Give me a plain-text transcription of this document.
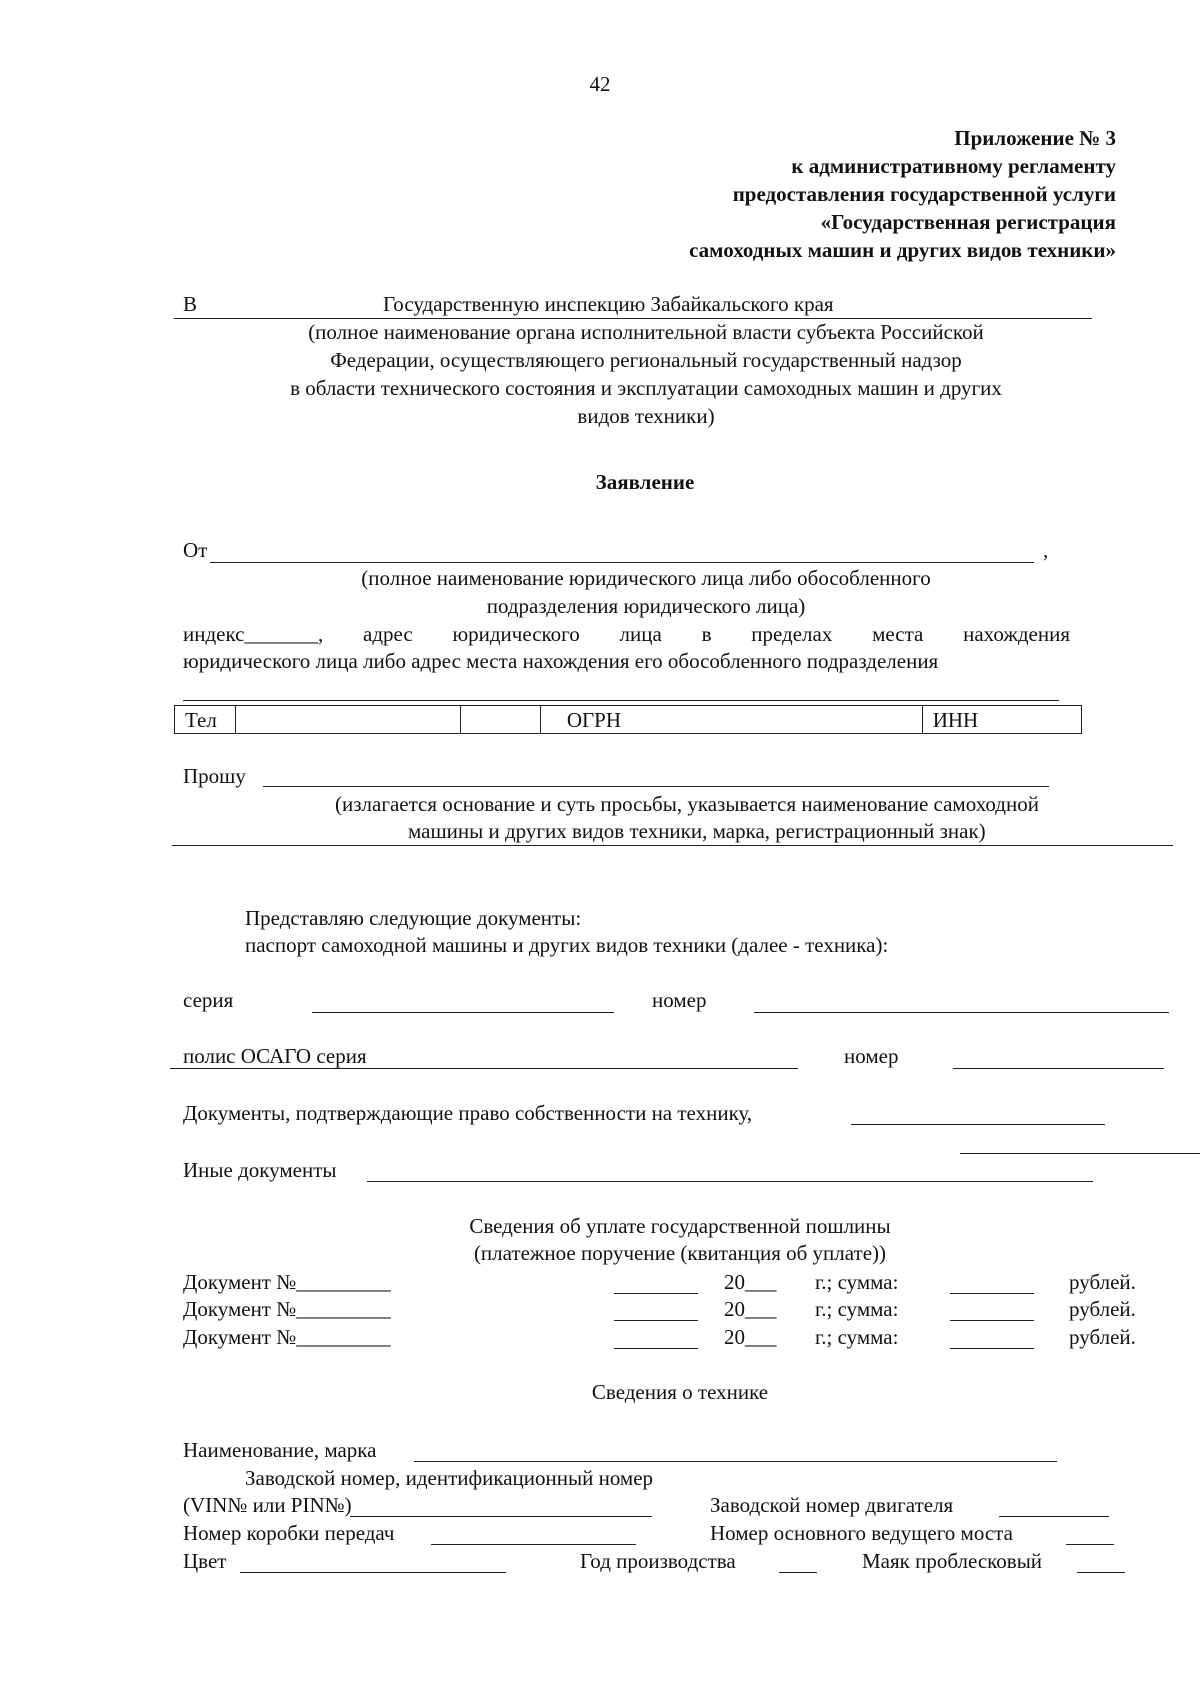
42
Приложение № 3
к административному регламенту
предоставления государственной услуги
«Государственная регистрация
самоходных машин и других видов техники»
В	Государственную инспекцию Забайкальского края
(полное наименование органа исполнительной власти субъекта Российской
Федерации, осуществляющего региональный государственный надзор
в области технического состояния и эксплуатации самоходных машин и других
видов техники)
Заявление
От	,
(полное наименование юридического лица либо обособленного
подразделения юридического лица)
индекс_______, адрес юридического лица в пределах места нахождения
юридического лица либо адрес места нахождения его обособленного подразделения
Тел			ОГРН	ИНН
Прошу
(излагается основание и суть просьбы, указывается наименование самоходной
машины и других видов техники, марка, регистрационный знак)
Представляю следующие документы:
паспорт самоходной машины и других видов техники (далее - техника):
серия	номер
полис ОСАГО серия	номер
Документы, подтверждающие право собственности на технику,
Иные документы
Сведения об уплате государственной пошлины
(платежное поручение (квитанция об уплате))
Документ №_________	20___ г.; сумма:	рублей.
Документ №_________	20___ г.; сумма:	рублей.
Документ №_________	20___ г.; сумма:	рублей.
Сведения о технике
Наименование, марка
Заводской номер, идентификационный номер
(VIN№ или PIN№)	Заводской номер двигателя
Номер коробки передач	Номер основного ведущего моста
Цвет	Год производства	Маяк проблесковый
